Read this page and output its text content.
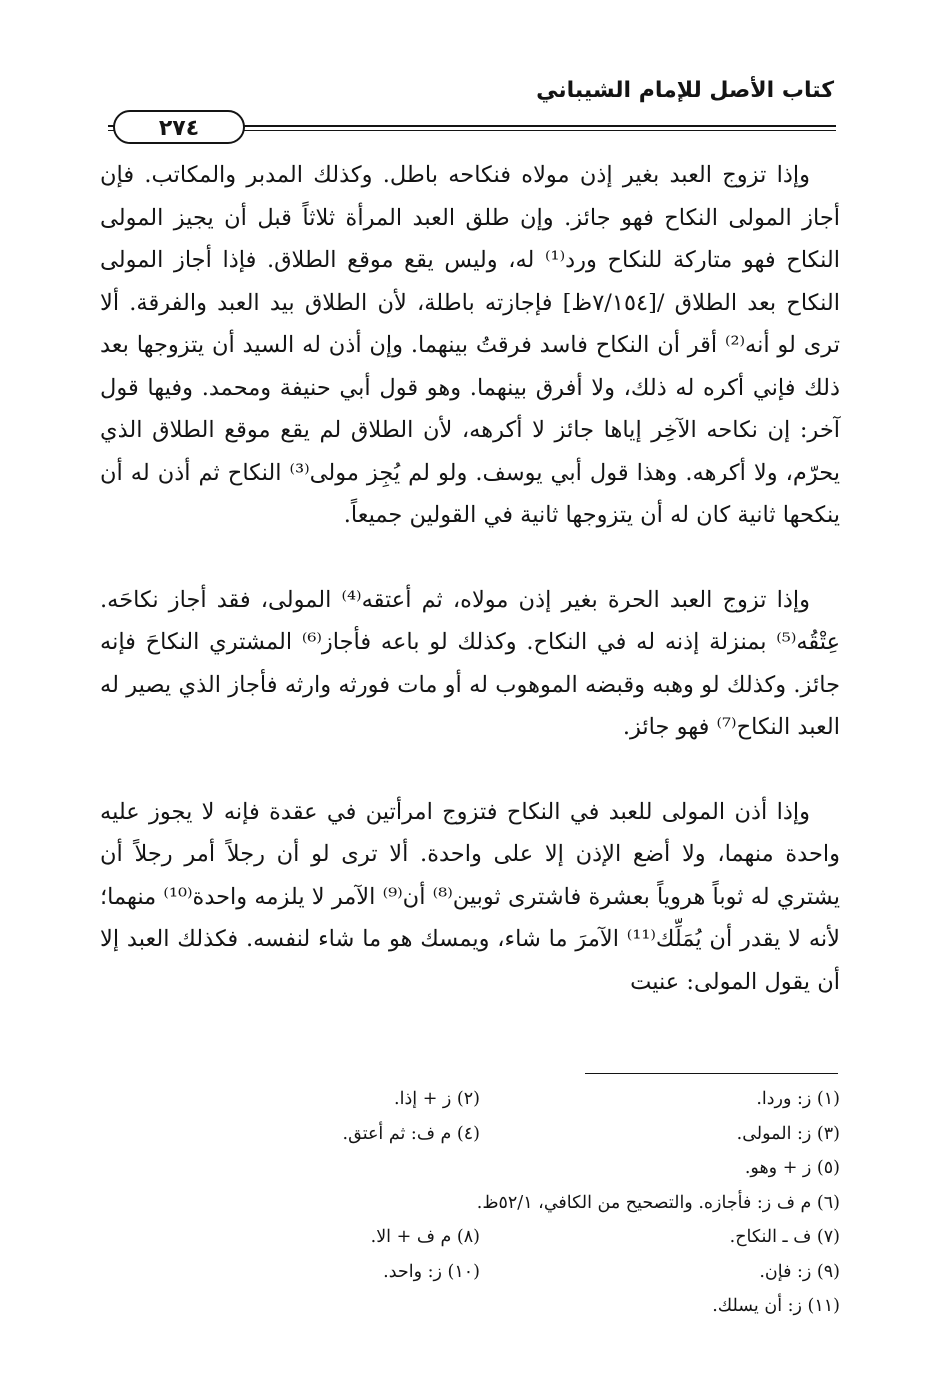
كتاب الأصل للإمام الشيباني
٢٧٤

وإذا تزوج العبد بغير إذن مولاه فنكاحه باطل. وكذلك المدبر والمكاتب. فإن أجاز المولى النكاح فهو جائز. وإن طلق العبد المرأة ثلاثاً قبل أن يجيز المولى النكاح فهو متاركة للنكاح ورد⁽¹⁾ له، وليس يقع موقع الطلاق. فإذا أجاز المولى النكاح بعد الطلاق /[٧/١٥٤ظ] فإجازته باطلة، لأن الطلاق بيد العبد والفرقة. ألا ترى لو أنه⁽²⁾ أقر أن النكاح فاسد فرقتُ بينهما. وإن أذن له السيد أن يتزوجها بعد ذلك فإني أكره له ذلك، ولا أفرق بينهما. وهو قول أبي حنيفة ومحمد. وفيها قول آخر: إن نكاحه الآخِر إياها جائز لا أكرهه، لأن الطلاق لم يقع موقع الطلاق الذي يحرّم، ولا أكرهه. وهذا قول أبي يوسف. ولو لم يُجِز مولى⁽³⁾ النكاح ثم أذن له أن ينكحها ثانية كان له أن يتزوجها ثانية في القولين جميعاً.

وإذا تزوج العبد الحرة بغير إذن مولاه، ثم أعتقه⁽⁴⁾ المولى، فقد أجاز نكاحَه. عِتْقُه⁽⁵⁾ بمنزلة إذنه له في النكاح. وكذلك لو باعه فأجاز⁽⁶⁾ المشتري النكاحَ فإنه جائز. وكذلك لو وهبه وقبضه الموهوب له أو مات فورثه وارثه فأجاز الذي يصير له العبد النكاح⁽⁷⁾ فهو جائز.

وإذا أذن المولى للعبد في النكاح فتزوج امرأتين في عقدة فإنه لا يجوز عليه واحدة منهما، ولا أضع الإذن إلا على واحدة. ألا ترى لو أن رجلاً أمر رجلاً أن يشتري له ثوباً هروياً بعشرة فاشترى ثوبين⁽⁸⁾ أن⁽⁹⁾ الآمر لا يلزمه واحدة⁽¹⁰⁾ منهما؛ لأنه لا يقدر أن يُمَلِّك⁽¹¹⁾ الآمرَ ما شاء، ويمسك هو ما شاء لنفسه. فكذلك العبد إلا أن يقول المولى: عنيت

(١) ز: وردا.
(٢) ز + إذا.
(٣) ز: المولى.
(٤) م ف: ثم أعتق.
(٥) ز + وهو.
(٦) م ف ز: فأجازه. والتصحيح من الكافي، ٥٢/١ظ.
(٧) ف ـ النكاح.
(٨) م ف + الا.
(٩) ز: فإن.
(١٠) ز: واحد.
(١١) ز: أن يسلك.
